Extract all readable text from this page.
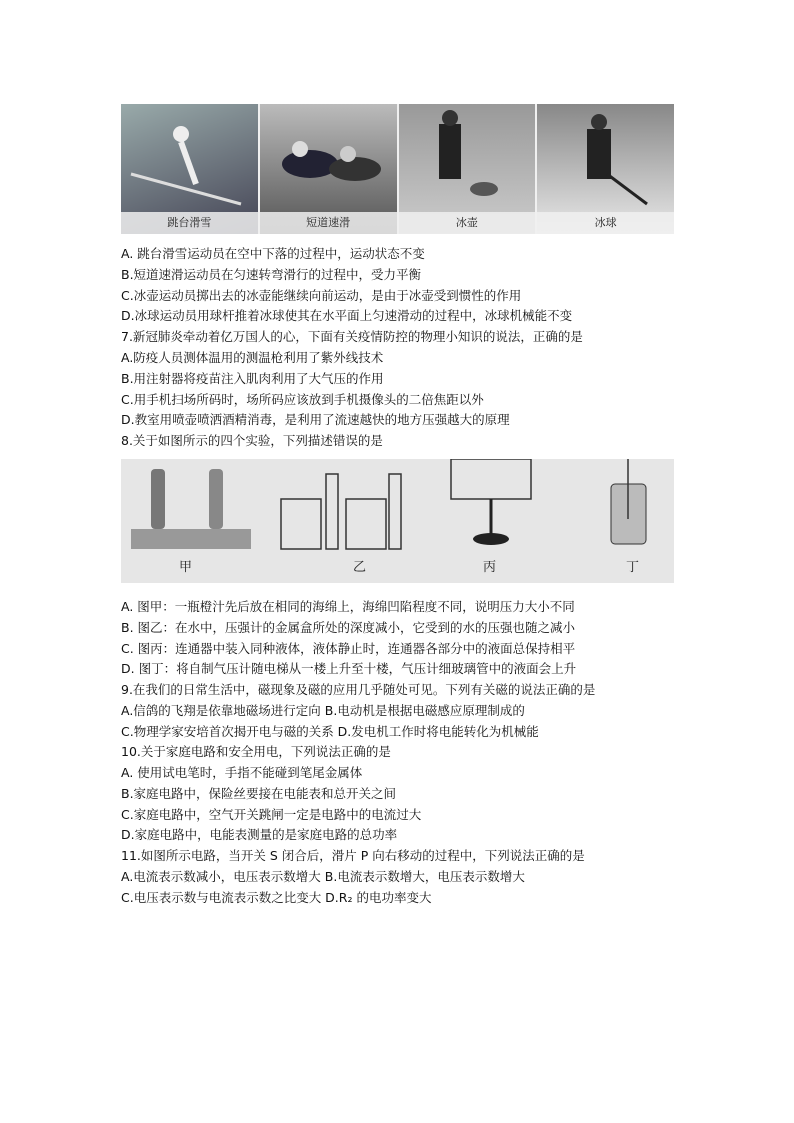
跳台滑雪	短道速滑	冰壶	冰球
A. 跳台滑雪运动员在空中下落的过程中，运动状态不变
B.短道速滑运动员在匀速转弯滑行的过程中，受力平衡
C.冰壶运动员掷出去的冰壶能继续向前运动，是由于冰壶受到惯性的作用
D.冰球运动员用球杆推着冰球使其在水平面上匀速滑动的过程中，冰球机械能不变
7.新冠肺炎牵动着亿万国人的心，下面有关疫情防控的物理小知识的说法，正确的是
A.防疫人员测体温用的测温枪利用了紫外线技术
B.用注射器将疫苗注入肌肉利用了大气压的作用
C.用手机扫场所码时，场所码应该放到手机摄像头的二倍焦距以外
D.教室用喷壶喷洒酒精消毒，是利用了流速越快的地方压强越大的原理
8.关于如图所示的四个实验，下列描述错误的是
甲	乙	丙	丁
A. 图甲：一瓶橙汁先后放在相同的海绵上，海绵凹陷程度不同，说明压力大小不同
B. 图乙：在水中，压强计的金属盒所处的深度减小，它受到的水的压强也随之减小
C. 图丙：连通器中装入同种液体，液体静止时，连通器各部分中的液面总保持相平
D. 图丁：将自制气压计随电梯从一楼上升至十楼，气压计细玻璃管中的液面会上升
9.在我们的日常生活中，磁现象及磁的应用几乎随处可见。下列有关磁的说法正确的是
A.信鸽的飞翔是依靠地磁场进行定向 B.电动机是根据电磁感应原理制成的
C.物理学家安培首次揭开电与磁的关系 D.发电机工作时将电能转化为机械能
10.关于家庭电路和安全用电，下列说法正确的是
A. 使用试电笔时，手指不能碰到笔尾金属体
B.家庭电路中，保险丝要接在电能表和总开关之间
C.家庭电路中，空气开关跳闸一定是电路中的电流过大
D.家庭电路中，电能表测量的是家庭电路的总功率
11.如图所示电路，当开关 S 闭合后，滑片 P 向右移动的过程中，下列说法正确的是
A.电流表示数减小，电压表示数增大 B.电流表示数增大，电压表示数增大
C.电压表示数与电流表示数之比变大 D.R₂ 的电功率变大
